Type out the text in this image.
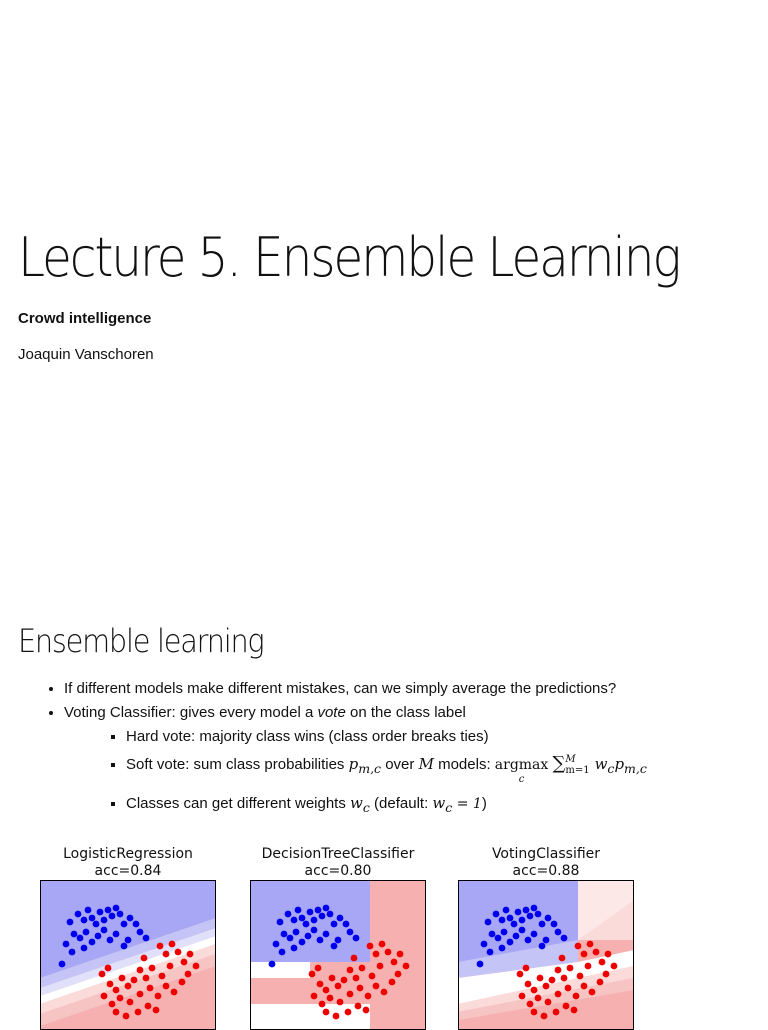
Lecture 5. Ensemble Learning

Crowd intelligence

Joaquin Vanschoren

Ensemble learning
• If different models make different mistakes, can we simply average the predictions?
• Voting Classifier: gives every model a vote on the class label
▪ Hard vote: majority class wins (class order breaks ties)
▪ Soft vote: sum class probabilities $p_{m,c}$ over M models: argmax
c
∑ M
m=1 $w_cp_{m,c}$
▪ Classes can get different weights $w_c$ (default: $w_c = 1$)
LogisticRegression
acc=0.84
DecisionTreeClassifier
acc=0.80
VotingClassifier
acc=0.88
